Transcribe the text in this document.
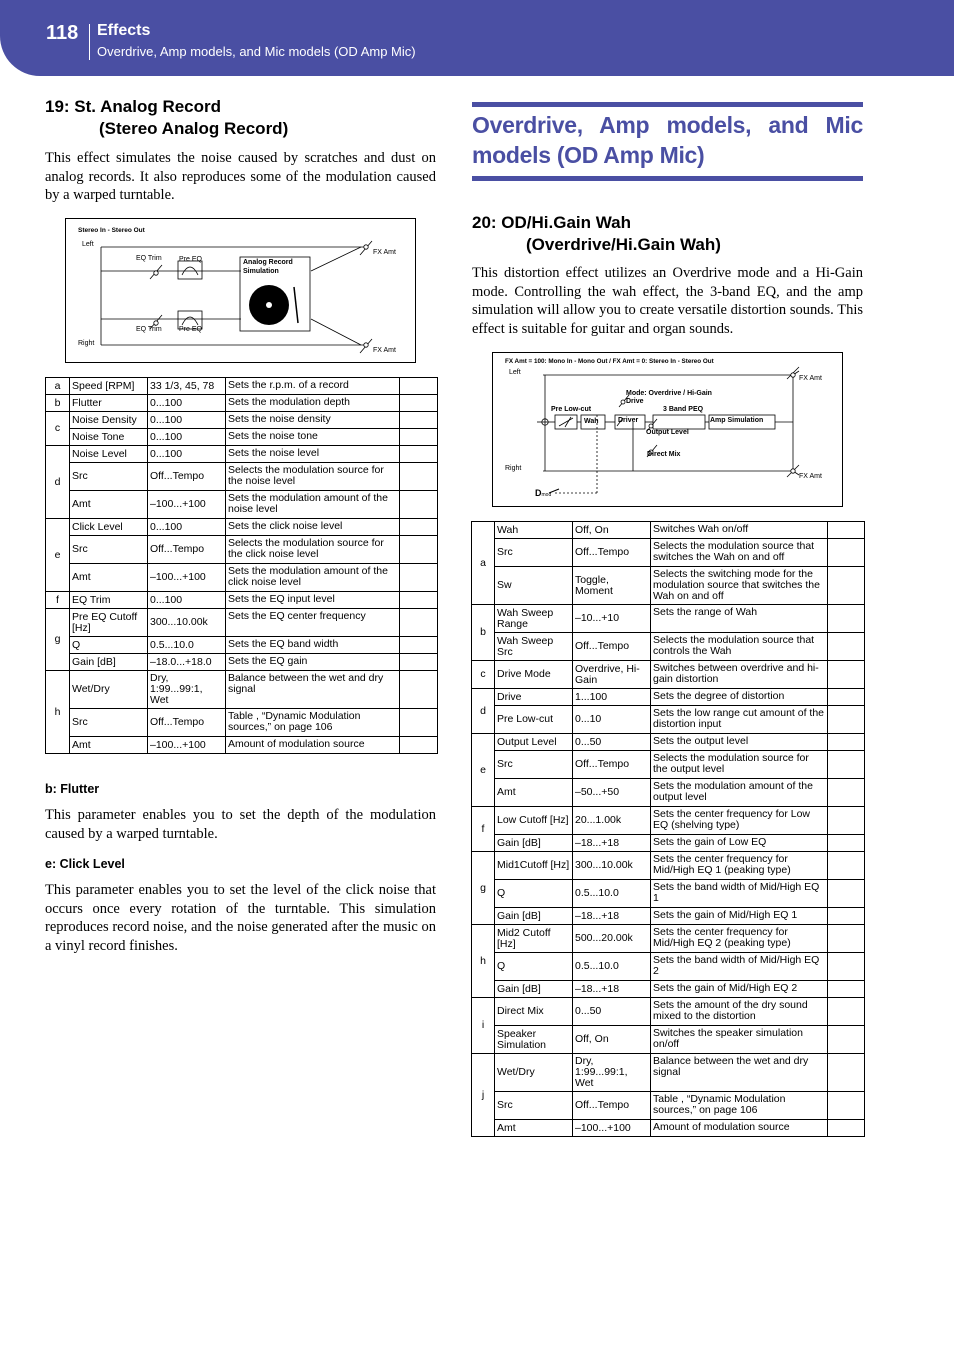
118 Effects
Overdrive, Amp models, and Mic models (OD Amp Mic)
19: St. Analog Record
(Stereo Analog Record)
This effect simulates the noise caused by scratches and dust on analog records. It also reproduces some of the modulation caused by a warped turntable.
Stereo In - Stereo Out
Left
Right
EQ Trim Pre EQ
EQ Trim Pre EQ
Analog Record
Simulation
FX Amt
FX Amt
a	Speed [RPM]	33 1/3, 45, 78	Sets the r.p.m. of a record	
b	Flutter	0...100	Sets the modulation depth	
c	Noise Density	0...100	Sets the noise density	
	Noise Tone	0...100	Sets the noise tone	
d	Noise Level	0...100	Sets the noise level	
	Src	Off...Tempo	Selects the modulation source for the noise level	
	Amt	–100...+100	Sets the modulation amount of the noise level	
e	Click Level	0...100	Sets the click noise level	
	Src	Off...Tempo	Selects the modulation source for the click noise level	
	Amt	–100...+100	Sets the modulation amount of the click noise level	
f	EQ Trim	0...100	Sets the EQ input level	
g	Pre EQ Cutoff [Hz]	300...10.00k	Sets the EQ center frequency	
	Q	0.5...10.0	Sets the EQ band width	
	Gain [dB]	–18.0...+18.0	Sets the EQ gain	
h	Wet/Dry	Dry, 1:99...99:1, Wet	Balance between the wet and dry signal	
	Src	Off...Tempo	Table , “Dynamic Modulation sources,” on page 106	
	Amt	–100...+100	Amount of modulation source	
b: Flutter
This parameter enables you to set the depth of the modulation caused by a warped turntable.
e: Click Level
This parameter enables you to set the level of the click noise that occurs once every rotation of the turntable. This simulation reproduces record noise, and the noise generated after the music on a vinyl record finishes.
Overdrive, Amp models, and Mic models (OD Amp Mic)
20: OD/Hi.Gain Wah
(Overdrive/Hi.Gain Wah)
This distortion effect utilizes an Overdrive mode and a Hi-Gain mode. Controlling the wah effect, the 3-band EQ, and the amp simulation will allow you to create versatile distortion sounds. This effect is suitable for guitar and organ sounds.
FX Amt = 100: Mono In - Mono Out / FX Amt = 0: Stereo In - Stereo Out
Left
Right
FX Amt
FX Amt
Pre Low-cut
Wah
Mode: Overdrive / Hi-Gain
Drive
Driver
3 Band PEQ
Output Level
Amp Simulation
Direct Mix
Dmod
a	Wah	Off, On	Switches Wah on/off	
	Src	Off...Tempo	Selects the modulation source that switches the Wah on and off	
	Sw	Toggle, Moment	Selects the switching mode for the modulation source that switches the Wah on and off	
b	Wah Sweep Range	–10...+10	Sets the range of Wah	
	Wah Sweep Src	Off...Tempo	Selects the modulation source that controls the Wah	
c	Drive Mode	Overdrive, Hi-Gain	Switches between overdrive and hi-gain distortion	
d	Drive	1...100	Sets the degree of distortion	
	Pre Low-cut	0...10	Sets the low range cut amount of the distortion input	
e	Output Level	0...50	Sets the output level	
	Src	Off...Tempo	Selects the modulation source for the output level	
	Amt	–50...+50	Sets the modulation amount of the output level	
f	Low Cutoff [Hz]	20...1.00k	Sets the center frequency for Low EQ (shelving type)	
	Gain [dB]	–18...+18	Sets the gain of Low EQ	
g	Mid1Cutoff [Hz]	300...10.00k	Sets the center frequency for Mid/High EQ 1 (peaking type)	
	Q	0.5...10.0	Sets the band width of Mid/High EQ 1	
	Gain [dB]	–18...+18	Sets the gain of Mid/High EQ 1	
h	Mid2 Cutoff [Hz]	500...20.00k	Sets the center frequency for Mid/High EQ 2 (peaking type)	
	Q	0.5...10.0	Sets the band width of Mid/High EQ 2	
	Gain [dB]	–18...+18	Sets the gain of Mid/High EQ 2	
i	Direct Mix	0...50	Sets the amount of the dry sound mixed to the distortion	
	Speaker Simulation	Off, On	Switches the speaker simulation on/off	
j	Wet/Dry	Dry, 1:99...99:1, Wet	Balance between the wet and dry signal	
	Src	Off...Tempo	Table , “Dynamic Modulation sources,” on page 106	
	Amt	–100...+100	Amount of modulation source	
